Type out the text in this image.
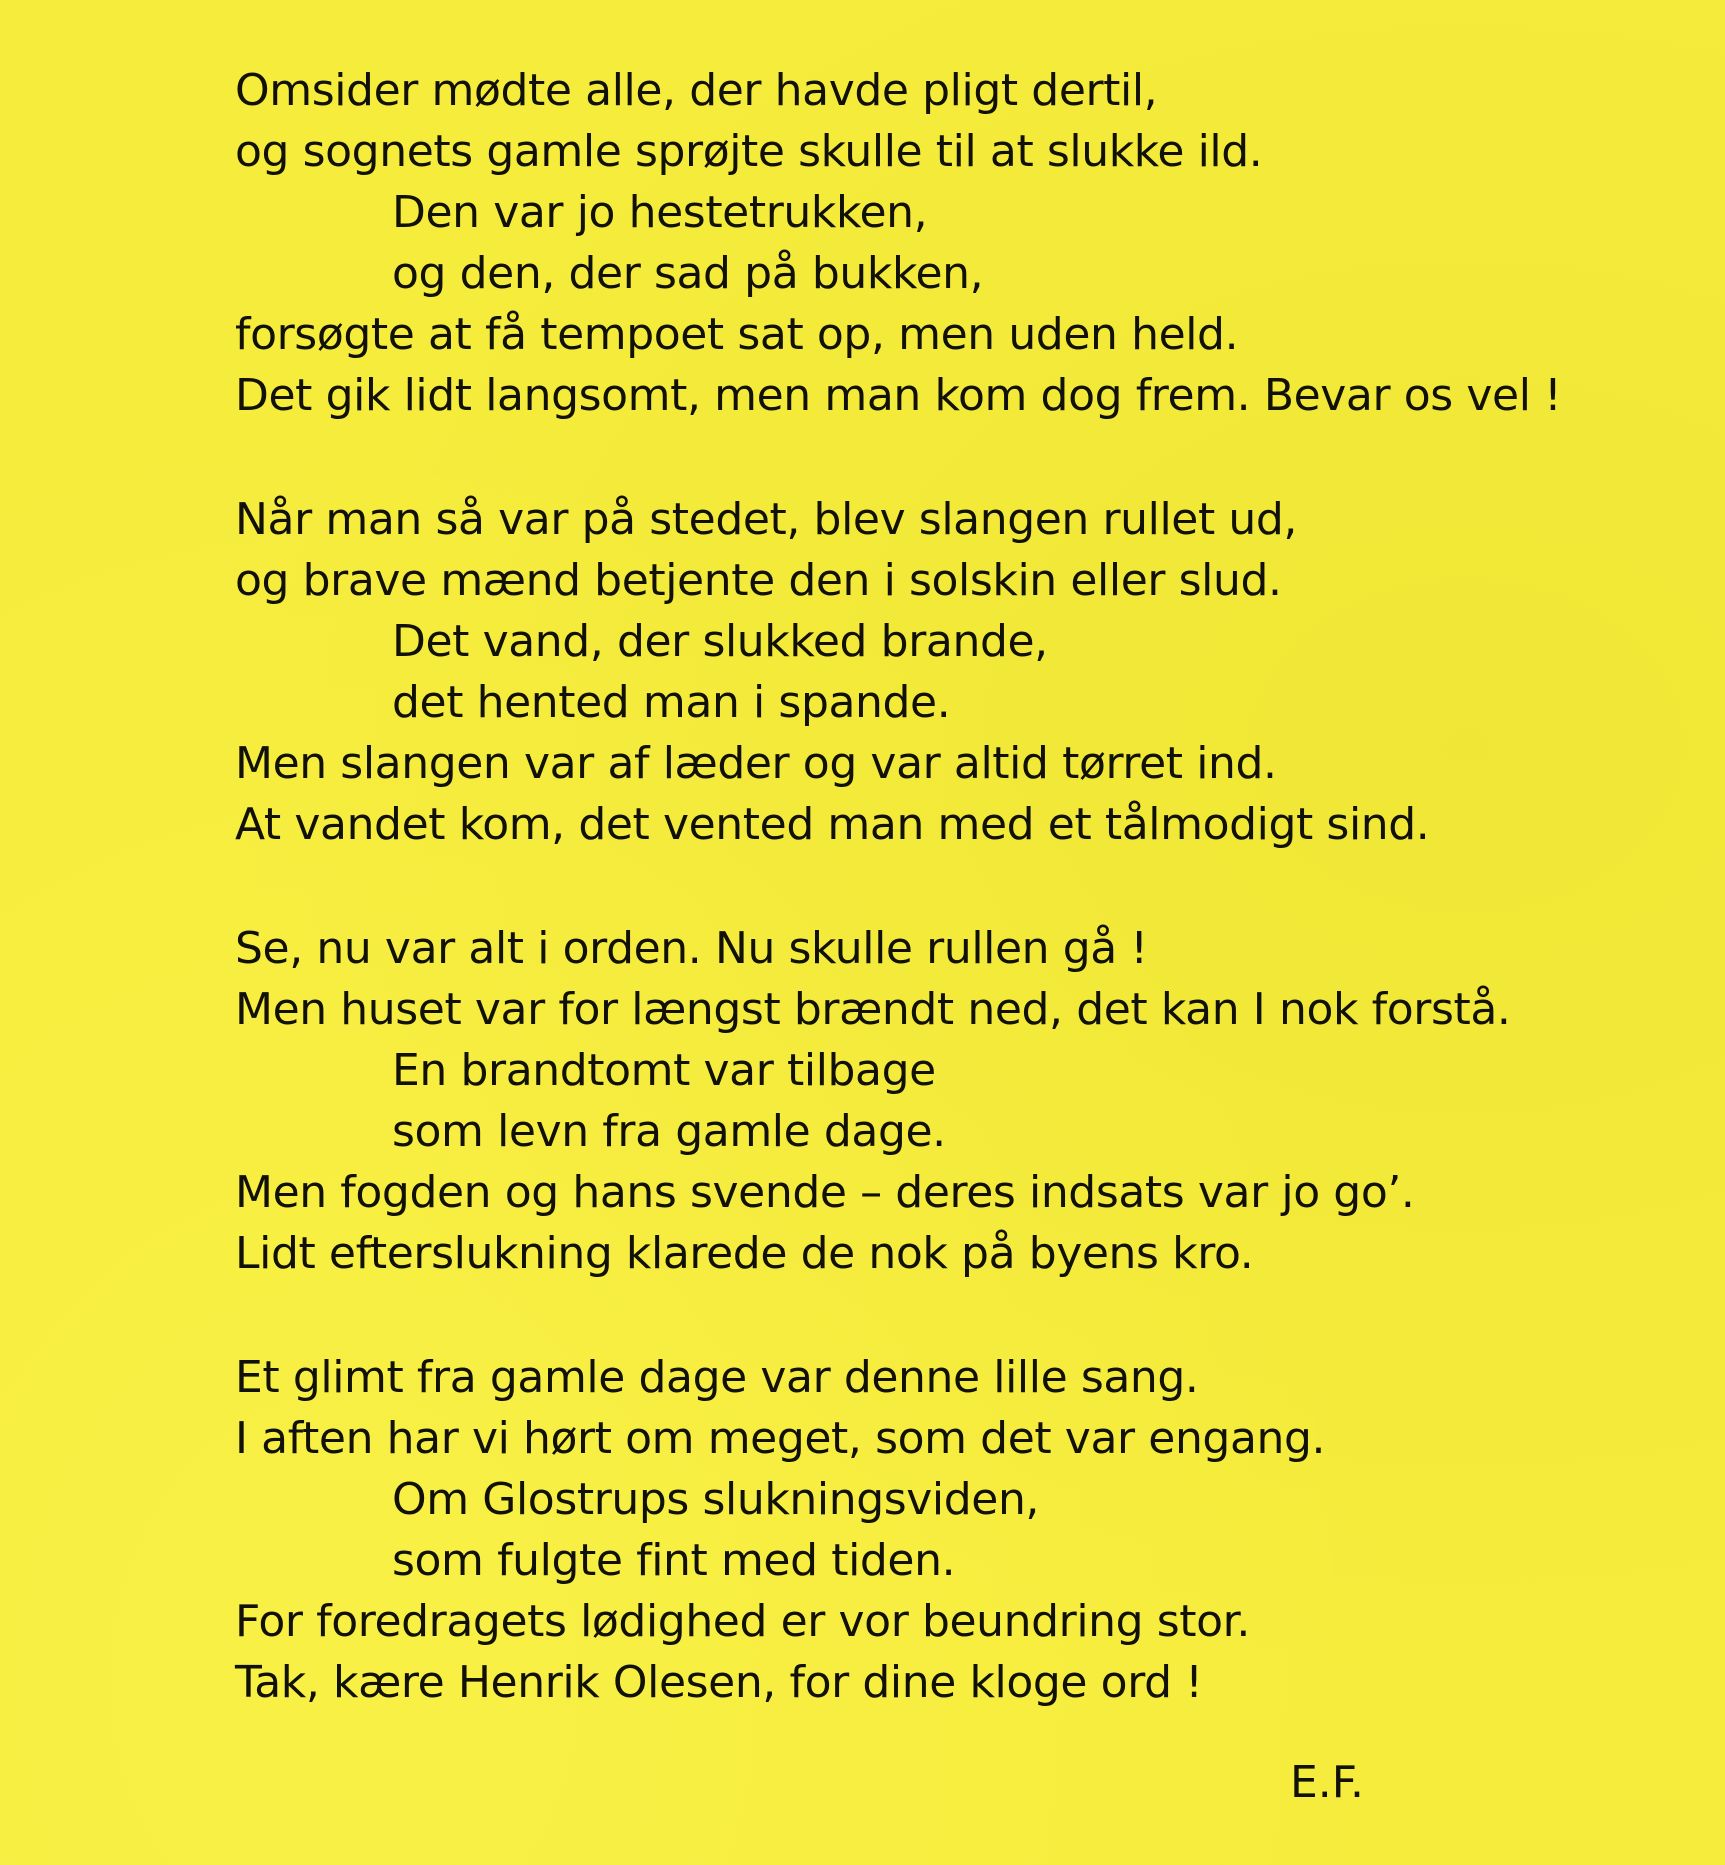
Omsider mødte alle, der havde pligt dertil,
og sognets gamle sprøjte skulle til at slukke ild.
Den var jo hestetrukken,
og den, der sad på bukken,
forsøgte at få tempoet sat op, men uden held.
Det gik lidt langsomt, men man kom dog frem. Bevar os vel !
Når man så var på stedet, blev slangen rullet ud,
og brave mænd betjente den i solskin eller slud.
Det vand, der slukked brande,
det hented man i spande.
Men slangen var af læder og var altid tørret ind.
At vandet kom, det vented man med et tålmodigt sind.
Se, nu var alt i orden. Nu skulle rullen gå !
Men huset var for længst brændt ned, det kan I nok forstå.
En brandtomt var tilbage
som levn fra gamle dage.
Men fogden og hans svende – deres indsats var jo go’.
Lidt efterslukning klarede de nok på byens kro.
Et glimt fra gamle dage var denne lille sang.
I aften har vi hørt om meget, som det var engang.
Om Glostrups slukningsviden,
som fulgte fint med tiden.
For foredragets lødighed er vor beundring stor.
Tak, kære Henrik Olesen, for dine kloge ord !
E.F.
